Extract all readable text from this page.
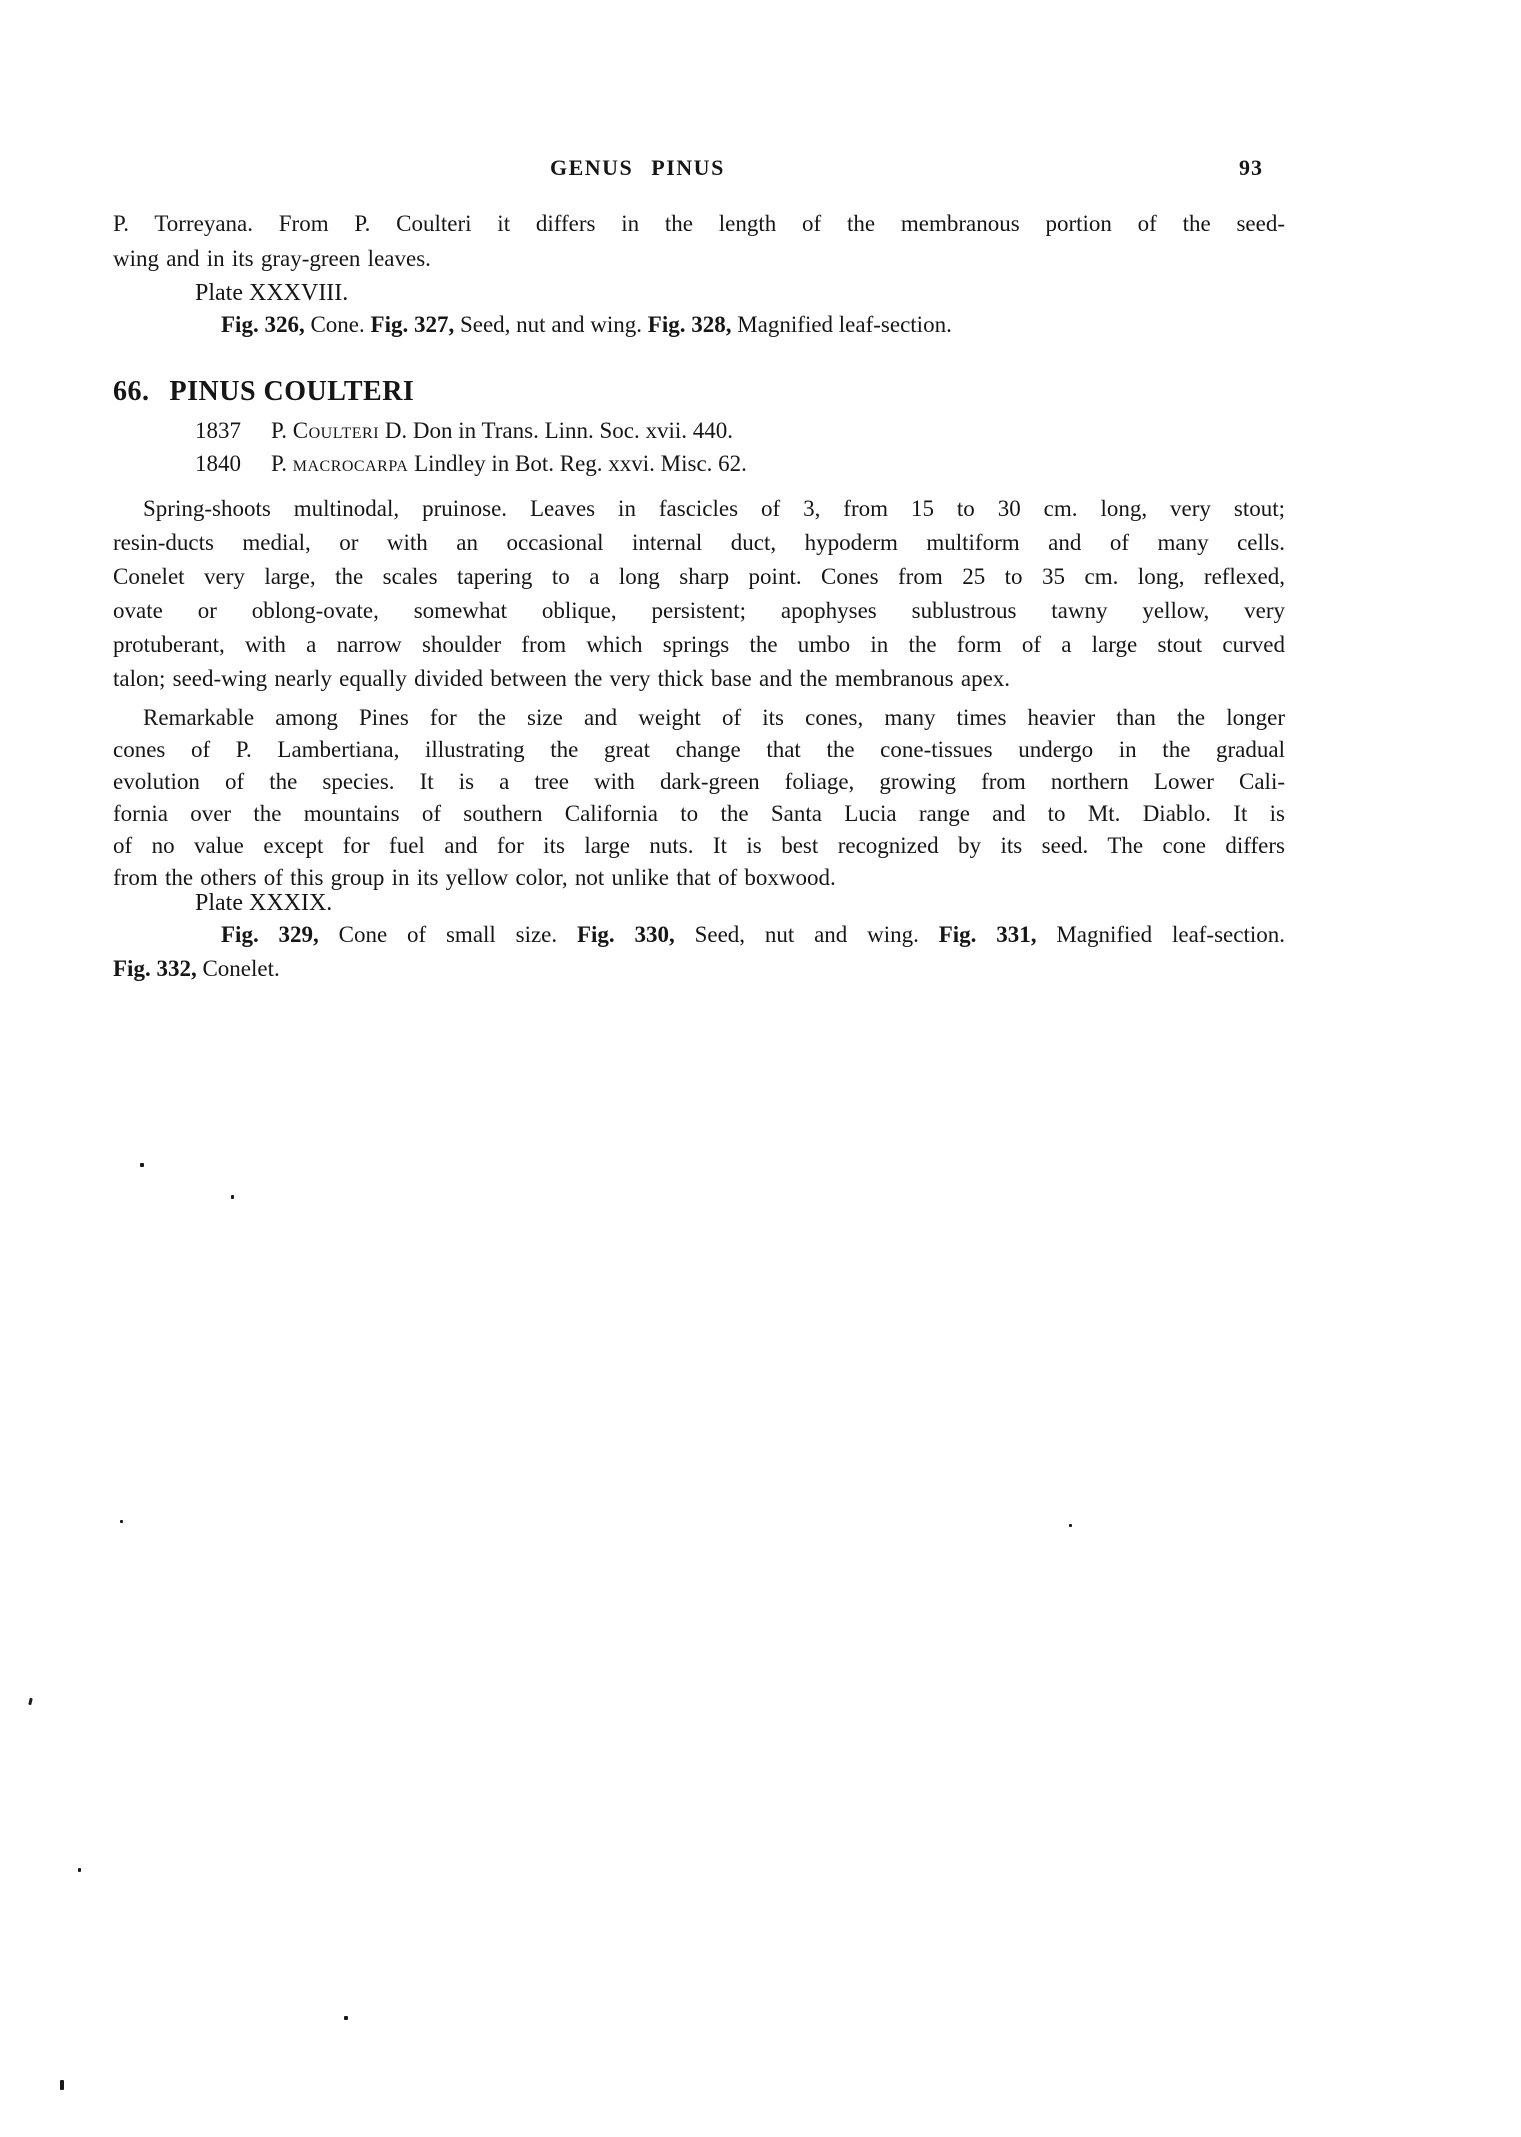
GENUS PINUS	93
P. Torreyana. From P. Coulteri it differs in the length of the membranous portion of the seed-
wing and in its gray-green leaves.
Plate XXXVIII.
Fig. 326, Cone. Fig. 327, Seed, nut and wing. Fig. 328, Magnified leaf-section.
66. PINUS COULTERI
1837 P. Coulteri D. Don in Trans. Linn. Soc. xvii. 440.
1840 P. macrocarpa Lindley in Bot. Reg. xxvi. Misc. 62.
Spring-shoots multinodal, pruinose. Leaves in fascicles of 3, from 15 to 30 cm. long, very stout;
resin-ducts medial, or with an occasional internal duct, hypoderm multiform and of many cells.
Conelet very large, the scales tapering to a long sharp point. Cones from 25 to 35 cm. long, reflexed,
ovate or oblong-ovate, somewhat oblique, persistent; apophyses sublustrous tawny yellow, very
protuberant, with a narrow shoulder from which springs the umbo in the form of a large stout curved
talon; seed-wing nearly equally divided between the very thick base and the membranous apex.
Remarkable among Pines for the size and weight of its cones, many times heavier than the longer
cones of P. Lambertiana, illustrating the great change that the cone-tissues undergo in the gradual
evolution of the species. It is a tree with dark-green foliage, growing from northern Lower Cali-
fornia over the mountains of southern California to the Santa Lucia range and to Mt. Diablo. It is
of no value except for fuel and for its large nuts. It is best recognized by its seed. The cone differs
from the others of this group in its yellow color, not unlike that of boxwood.
Plate XXXIX.
Fig. 329, Cone of small size. Fig. 330, Seed, nut and wing. Fig. 331, Magnified leaf-section.
Fig. 332, Conelet.
